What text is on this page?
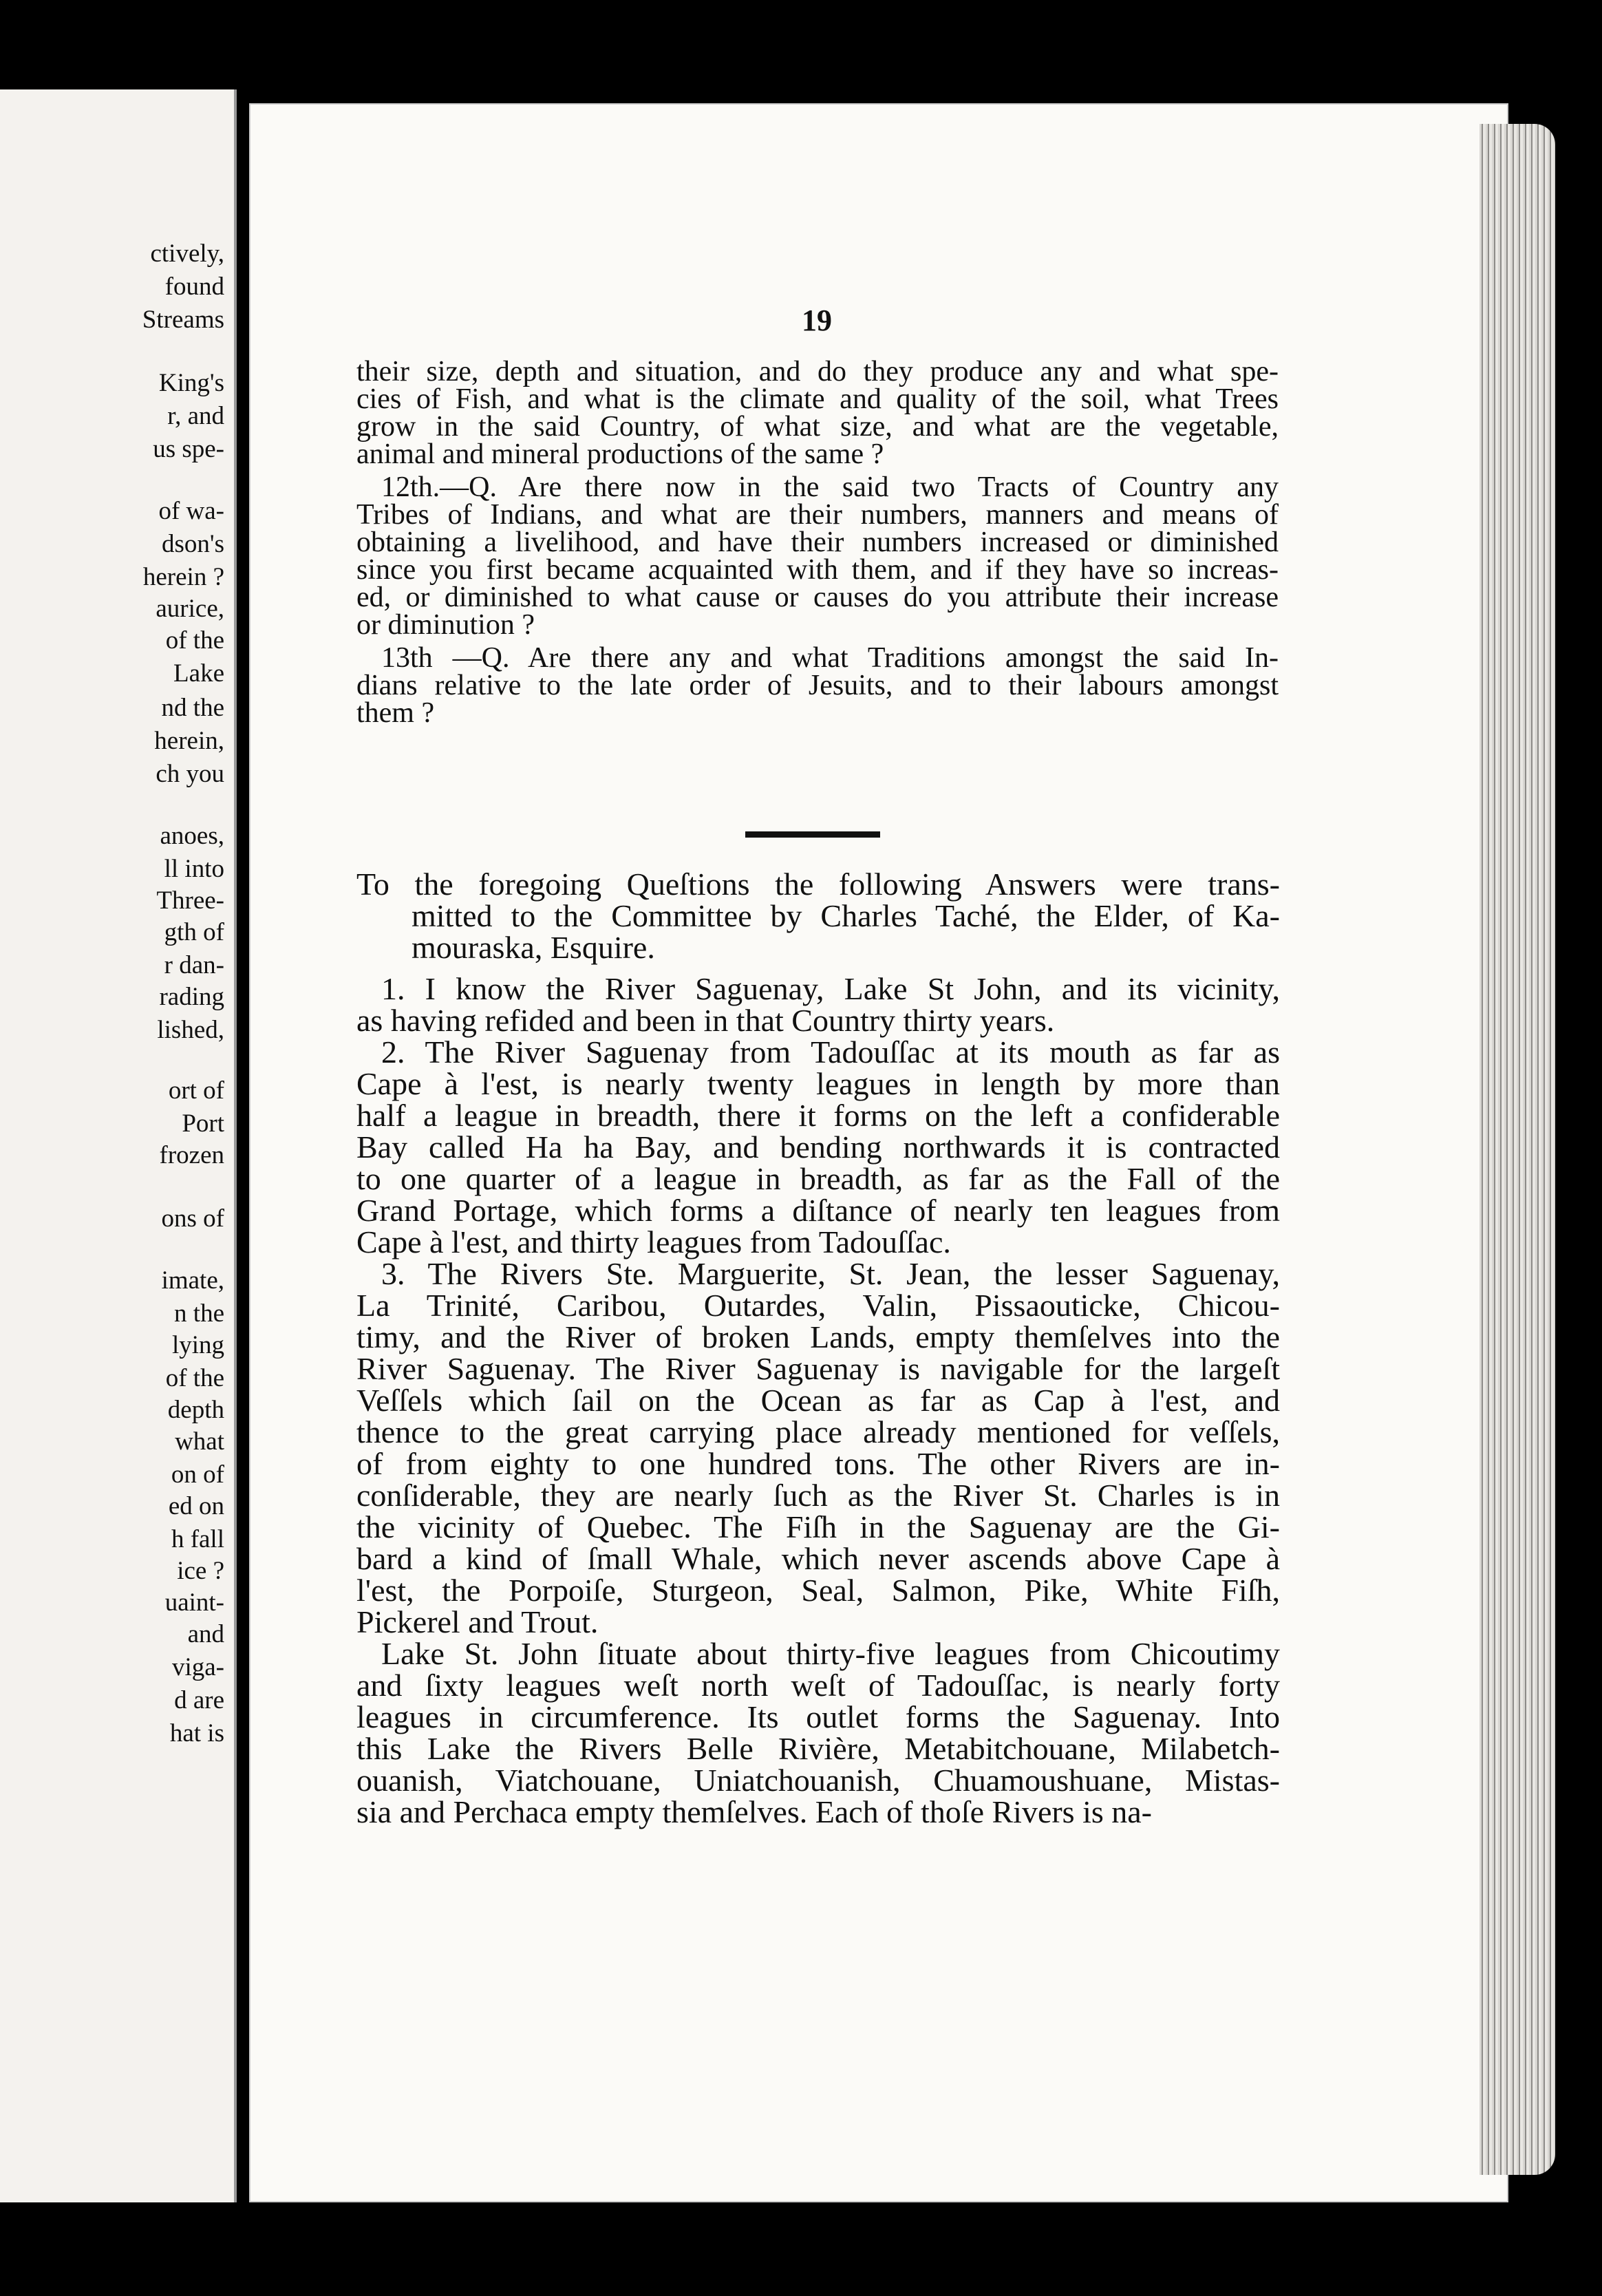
ctively,
found
Streams
King's
r, and
us spe-
of wa-
dson's
herein ?
aurice,
of the
Lake
nd the
herein,
ch you
anoes,
ll into
Three-
gth of
r dan-
rading
lished,
ort of
Port
frozen
ons of
imate,
n the
lying
of the
depth
what
on of
ed on
h fall
ice ?
uaint-
and
viga-
d are
hat is
19
their size, depth and situation, and do they produce any and what spe-
cies of Fish, and what is the climate and quality of the soil, what Trees
grow in the said Country, of what size, and what are the vegetable,
animal and mineral productions of the same ?
12th.—Q. Are there now in the said two Tracts of Country any
Tribes of Indians, and what are their numbers, manners and means of
obtaining a livelihood, and have their numbers increased or diminished
since you first became acquainted with them, and if they have so increas-
ed, or diminished to what cause or causes do you attribute their increase
or diminution ?
13th —Q. Are there any and what Traditions amongst the said In-
dians relative to the late order of Jesuits, and to their labours amongst
them ?
To the foregoing Queſtions the following Answers were trans-
mitted to the Committee by Charles Taché, the Elder, of Ka-
mouraska, Esquire.
1. I know the River Saguenay, Lake St John, and its vicinity,
as having refided and been in that Country thirty years.
2. The River Saguenay from Tadouſſac at its mouth as far as
Cape à l'est, is nearly twenty leagues in length by more than
half a league in breadth, there it forms on the left a confiderable
Bay called Ha ha Bay, and bending northwards it is contracted
to one quarter of a league in breadth, as far as the Fall of the
Grand Portage, which forms a diſtance of nearly ten leagues from
Cape à l'est, and thirty leagues from Tadouſſac.
3. The Rivers Ste. Marguerite, St. Jean, the lesser Saguenay,
La Trinité, Caribou, Outardes, Valin, Pissaouticke, Chicou-
timy, and the River of broken Lands, empty themſelves into the
River Saguenay. The River Saguenay is navigable for the largeſt
Veſſels which ſail on the Ocean as far as Cap à l'est, and
thence to the great carrying place already mentioned for veſſels,
of from eighty to one hundred tons. The other Rivers are in-
conſiderable, they are nearly ſuch as the River St. Charles is in
the vicinity of Quebec. The Fiſh in the Saguenay are the Gi-
bard a kind of ſmall Whale, which never ascends above Cape à
l'est, the Porpoiſe, Sturgeon, Seal, Salmon, Pike, White Fiſh,
Pickerel and Trout.
Lake St. John ſituate about thirty-five leagues from Chicoutimy
and ſixty leagues weſt north weſt of Tadouſſac, is nearly forty
leagues in circumference. Its outlet forms the Saguenay. Into
this Lake the Rivers Belle Rivière, Metabitchouane, Milabetch-
ouanish, Viatchouane, Uniatchouanish, Chuamoushuane, Mistas-
sia and Perchaca empty themſelves. Each of thoſe Rivers is na-
